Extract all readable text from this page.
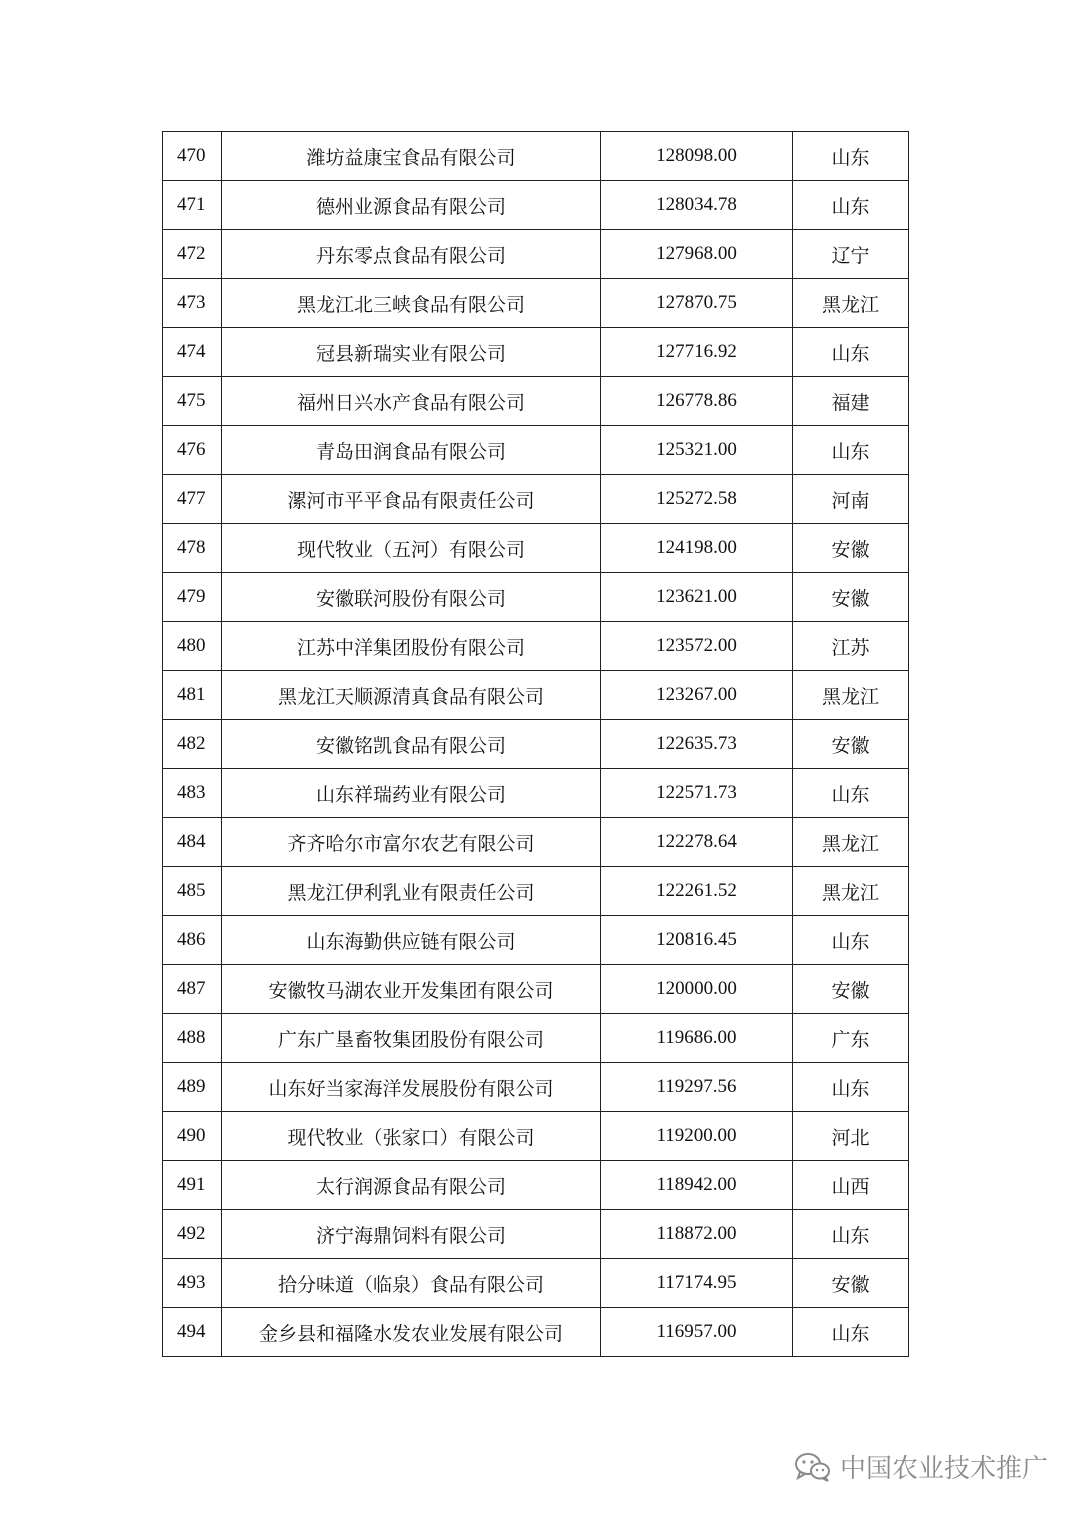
470	潍坊益康宝食品有限公司	128098.00	山东
471	德州业源食品有限公司	128034.78	山东
472	丹东零点食品有限公司	127968.00	辽宁
473	黑龙江北三峡食品有限公司	127870.75	黑龙江
474	冠县新瑞实业有限公司	127716.92	山东
475	福州日兴水产食品有限公司	126778.86	福建
476	青岛田润食品有限公司	125321.00	山东
477	漯河市平平食品有限责任公司	125272.58	河南
478	现代牧业（五河）有限公司	124198.00	安徽
479	安徽联河股份有限公司	123621.00	安徽
480	江苏中洋集团股份有限公司	123572.00	江苏
481	黑龙江天顺源清真食品有限公司	123267.00	黑龙江
482	安徽铭凯食品有限公司	122635.73	安徽
483	山东祥瑞药业有限公司	122571.73	山东
484	齐齐哈尔市富尔农艺有限公司	122278.64	黑龙江
485	黑龙江伊利乳业有限责任公司	122261.52	黑龙江
486	山东海勤供应链有限公司	120816.45	山东
487	安徽牧马湖农业开发集团有限公司	120000.00	安徽
488	广东广垦畜牧集团股份有限公司	119686.00	广东
489	山东好当家海洋发展股份有限公司	119297.56	山东
490	现代牧业（张家口）有限公司	119200.00	河北
491	太行润源食品有限公司	118942.00	山西
492	济宁海鼎饲料有限公司	118872.00	山东
493	拾分味道（临泉）食品有限公司	117174.95	安徽
494	金乡县和福隆水发农业发展有限公司	116957.00	山东
中国农业技术推广
